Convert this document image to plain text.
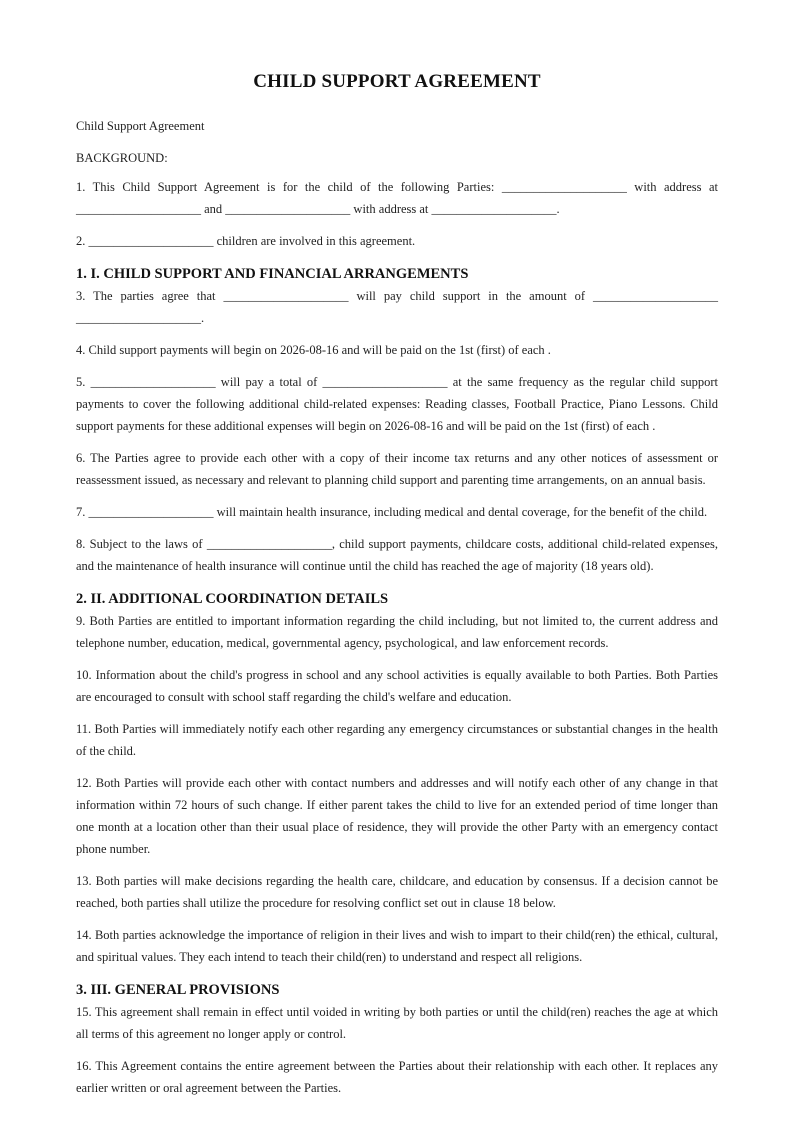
CHILD SUPPORT AGREEMENT

Child Support Agreement

BACKGROUND:

1. This Child Support Agreement is for the child of the following Parties: ____________________ with address at ____________________ and ____________________ with address at ____________________.

2. ____________________ children are involved in this agreement.

1. I. CHILD SUPPORT AND FINANCIAL ARRANGEMENTS

3. The parties agree that ____________________ will pay child support in the amount of ____________________ ____________________.

4. Child support payments will begin on 2026-08-16 and will be paid on the 1st (first) of each .

5. ____________________ will pay a total of ____________________ at the same frequency as the regular child support payments to cover the following additional child-related expenses: Reading classes, Football Practice, Piano Lessons. Child support payments for these additional expenses will begin on 2026-08-16 and will be paid on the 1st (first) of each .

6. The Parties agree to provide each other with a copy of their income tax returns and any other notices of assessment or reassessment issued, as necessary and relevant to planning child support and parenting time arrangements, on an annual basis.

7. ____________________ will maintain health insurance, including medical and dental coverage, for the benefit of the child.

8. Subject to the laws of ____________________, child support payments, childcare costs, additional child-related expenses, and the maintenance of health insurance will continue until the child has reached the age of majority (18 years old).

2. II. ADDITIONAL COORDINATION DETAILS

9. Both Parties are entitled to important information regarding the child including, but not limited to, the current address and telephone number, education, medical, governmental agency, psychological, and law enforcement records.

10. Information about the child's progress in school and any school activities is equally available to both Parties. Both Parties are encouraged to consult with school staff regarding the child's welfare and education.

11. Both Parties will immediately notify each other regarding any emergency circumstances or substantial changes in the health of the child.

12. Both Parties will provide each other with contact numbers and addresses and will notify each other of any change in that information within 72 hours of such change. If either parent takes the child to live for an extended period of time longer than one month at a location other than their usual place of residence, they will provide the other Party with an emergency contact phone number.

13. Both parties will make decisions regarding the health care, childcare, and education by consensus. If a decision cannot be reached, both parties shall utilize the procedure for resolving conflict set out in clause 18 below.

14. Both parties acknowledge the importance of religion in their lives and wish to impart to their child(ren) the ethical, cultural, and spiritual values. They each intend to teach their child(ren) to understand and respect all religions.

3. III. GENERAL PROVISIONS

15. This agreement shall remain in effect until voided in writing by both parties or until the child(ren) reaches the age at which all terms of this agreement no longer apply or control.

16. This Agreement contains the entire agreement between the Parties about their relationship with each other. It replaces any earlier written or oral agreement between the Parties.
